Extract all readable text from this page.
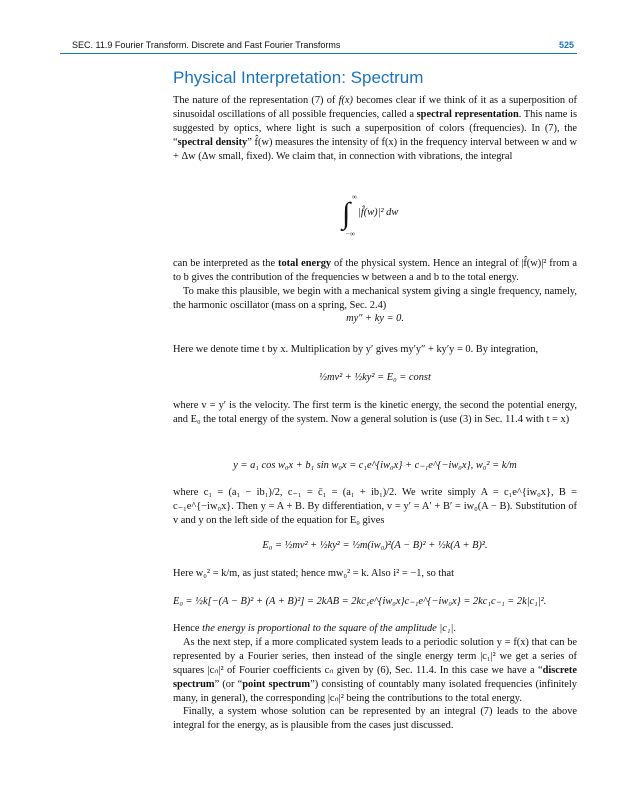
SEC. 11.9 Fourier Transform. Discrete and Fast Fourier Transforms	525
Physical Interpretation: Spectrum

The nature of the representation (7) of f(x) becomes clear if we think of it as a superposition of sinusoidal oscillations of all possible frequencies, called a spectral representation. This name is suggested by optics, where light is such a superposition of colors (frequencies). In (7), the “spectral density” f̂(w) measures the intensity of f(x) in the frequency interval between w and w + Δw (Δw small, fixed). We claim that, in connection with vibrations, the integral

∫ ∞
−∞
|f̂(w)|² dw

can be interpreted as the total energy of the physical system. Hence an integral of |f̂(w)|² from a to b gives the contribution of the frequencies w between a and b to the total energy.

To make this plausible, we begin with a mechanical system giving a single frequency, namely, the harmonic oscillator (mass on a spring, Sec. 2.4)

my″ + ky = 0.
Here we denote time t by x. Multiplication by y′ gives my′y″ + ky′y = 0. By integration,
½mv² + ½ky² = E₀ = const
where v = y′ is the velocity. The first term is the kinetic energy, the second the potential energy, and E₀ the total energy of the system. Now a general solution is (use (3) in Sec. 11.4 with t = x)
y = a₁ cos w₀x + b₁ sin w₀x = c₁e^{iw₀x} + c₋₁e^{−iw₀x}, w₀² = k/m
where c₁ = (a₁ − ib₁)/2, c₋₁ = c̄₁ = (a₁ + ib₁)/2. We write simply A = c₁e^{iw₀x}, B = c₋₁e^{−iw₀x}. Then y = A + B. By differentiation, v = y′ = A′ + B′ = iw₀(A − B). Substitution of v and y on the left side of the equation for E₀ gives
E₀ = ½mv² + ½ky² = ½m(iw₀)²(A − B)² + ½k(A + B)².
Here w₀² = k/m, as just stated; hence mw₀² = k. Also i² = −1, so that
E₀ = ½k[−(A − B)² + (A + B)²] = 2kAB = 2kc₁e^{iw₀x}c₋₁e^{−iw₀x} = 2kc₁c₋₁ = 2k|c₁|².

Hence the energy is proportional to the square of the amplitude |c₁|.

As the next step, if a more complicated system leads to a periodic solution y = f(x) that can be represented by a Fourier series, then instead of the single energy term |c₁|² we get a series of squares |cₙ|² of Fourier coefficients cₙ given by (6), Sec. 11.4. In this case we have a “discrete spectrum” (or “point spectrum”) consisting of countably many isolated frequencies (infinitely many, in general), the corresponding |cₙ|² being the contributions to the total energy.

Finally, a system whose solution can be represented by an integral (7) leads to the above integral for the energy, as is plausible from the cases just discussed.
